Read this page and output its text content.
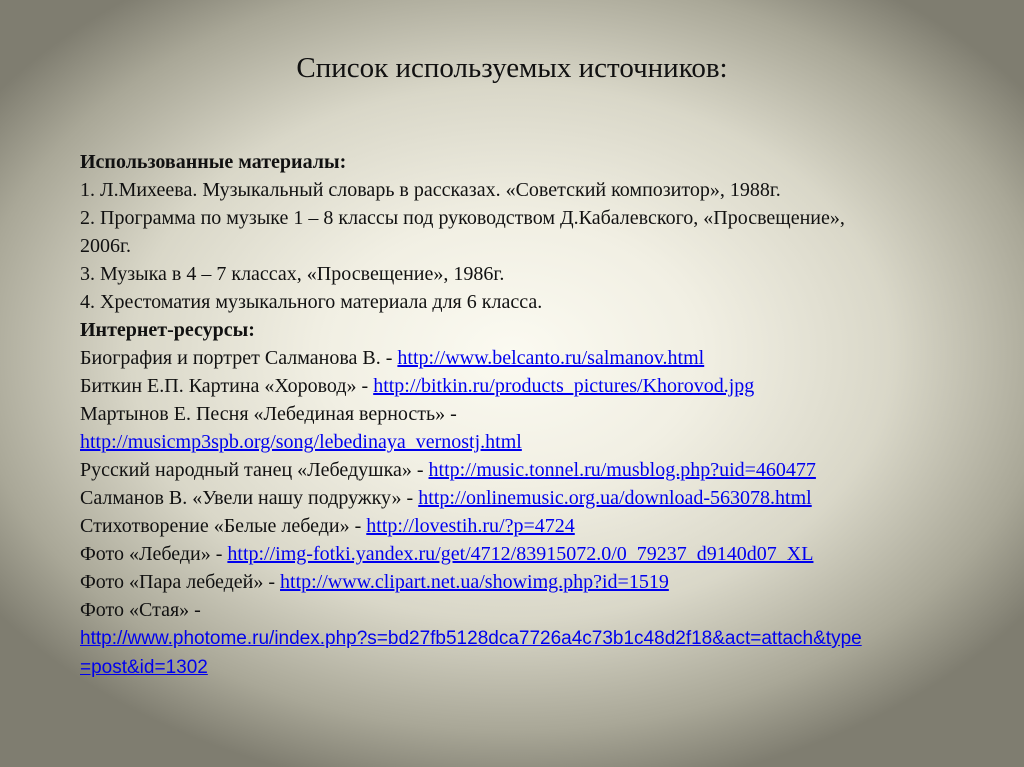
Список используемых источников:

Использованные материалы:

1. Л.Михеева. Музыкальный словарь в рассказах. «Советский композитор», 1988г.

2. Программа по музыке 1 – 8 классы под руководством Д.Кабалевского, «Просвещение»,

2006г.

3. Музыка в 4 – 7 классах, «Просвещение», 1986г.

4. Хрестоматия музыкального материала для 6 класса.

Интернет-ресурсы:

Биография и портрет Салманова В. - http://www.belcanto.ru/salmanov.html

Биткин Е.П. Картина «Хоровод» - http://bitkin.ru/products_pictures/Khorovod.jpg

Мартынов Е. Песня «Лебединая верность» -

http://musicmp3spb.org/song/lebedinaya_vernostj.html

Русский народный танец «Лебедушка» - http://music.tonnel.ru/musblog.php?uid=460477

Салманов В. «Увели нашу подружку» - http://onlinemusic.org.ua/download-563078.html

Стихотворение «Белые лебеди» - http://lovestih.ru/?p=4724

Фото «Лебеди» - http://img-fotki.yandex.ru/get/4712/83915072.0/0_79237_d9140d07_XL

Фото «Пара лебедей» - http://www.clipart.net.ua/showimg.php?id=1519

Фото «Стая» -

http://www.photome.ru/index.php?s=bd27fb5128dca7726a4c73b1c48d2f18&act=attach&type

=post&id=1302
